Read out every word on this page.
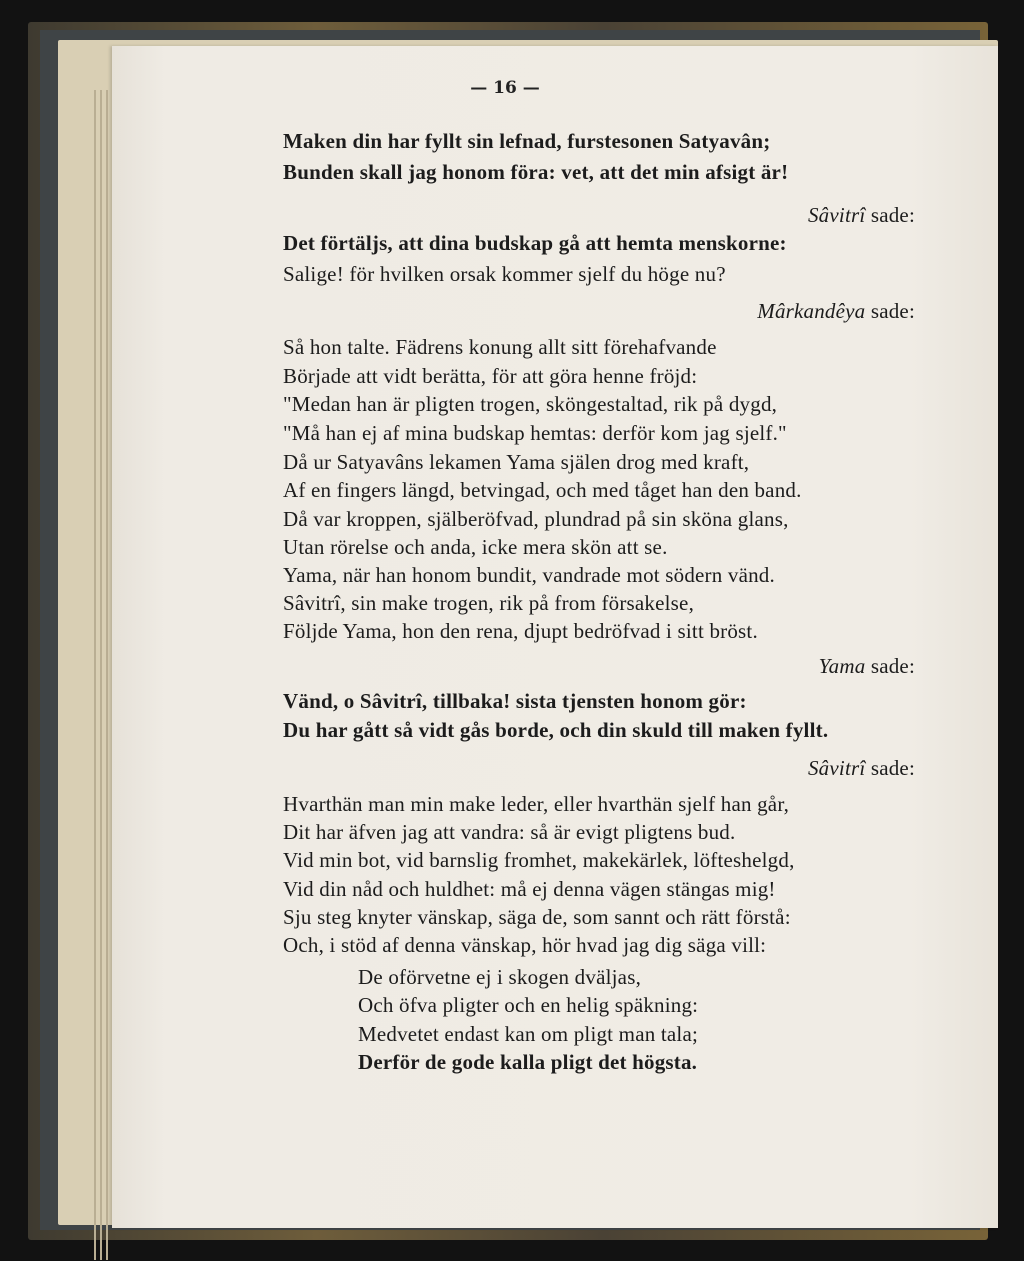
— 16 —
Maken din har fyllt sin lefnad, furstesonen Satyavân;
Bunden skall jag honom föra: vet, att det min afsigt är!
Sâvitrî sade:
Det förtäljs, att dina budskap gå att hemta menskorne:
Salige! för hvilken orsak kommer sjelf du höge nu?
Mârkandêya sade:
Så hon talte. Fädrens konung allt sitt förehafvande
Började att vidt berätta, för att göra henne fröjd:
"Medan han är pligten trogen, sköngestaltad, rik på dygd,
"Må han ej af mina budskap hemtas: derför kom jag sjelf."
Då ur Satyavâns lekamen Yama själen drog med kraft,
Af en fingers längd, betvingad, och med tåget han den band.
Då var kroppen, själberöfvad, plundrad på sin sköna glans,
Utan rörelse och anda, icke mera skön att se.
Yama, när han honom bundit, vandrade mot södern vänd.
Sâvitrî, sin make trogen, rik på from försakelse,
Följde Yama, hon den rena, djupt bedröfvad i sitt bröst.
Yama sade:
Vänd, o Sâvitrî, tillbaka! sista tjensten honom gör:
Du har gått så vidt gås borde, och din skuld till maken fyllt.
Sâvitrî sade:
Hvarthän man min make leder, eller hvarthän sjelf han går,
Dit har äfven jag att vandra: så är evigt pligtens bud.
Vid min bot, vid barnslig fromhet, makekärlek, löfteshelgd,
Vid din nåd och huldhet: må ej denna vägen stängas mig!
Sju steg knyter vänskap, säga de, som sannt och rätt förstå:
Och, i stöd af denna vänskap, hör hvad jag dig säga vill:
De oförvetne ej i skogen dväljas,
Och öfva pligter och en helig späkning:
Medvetet endast kan om pligt man tala;
Derför de gode kalla pligt det högsta.
